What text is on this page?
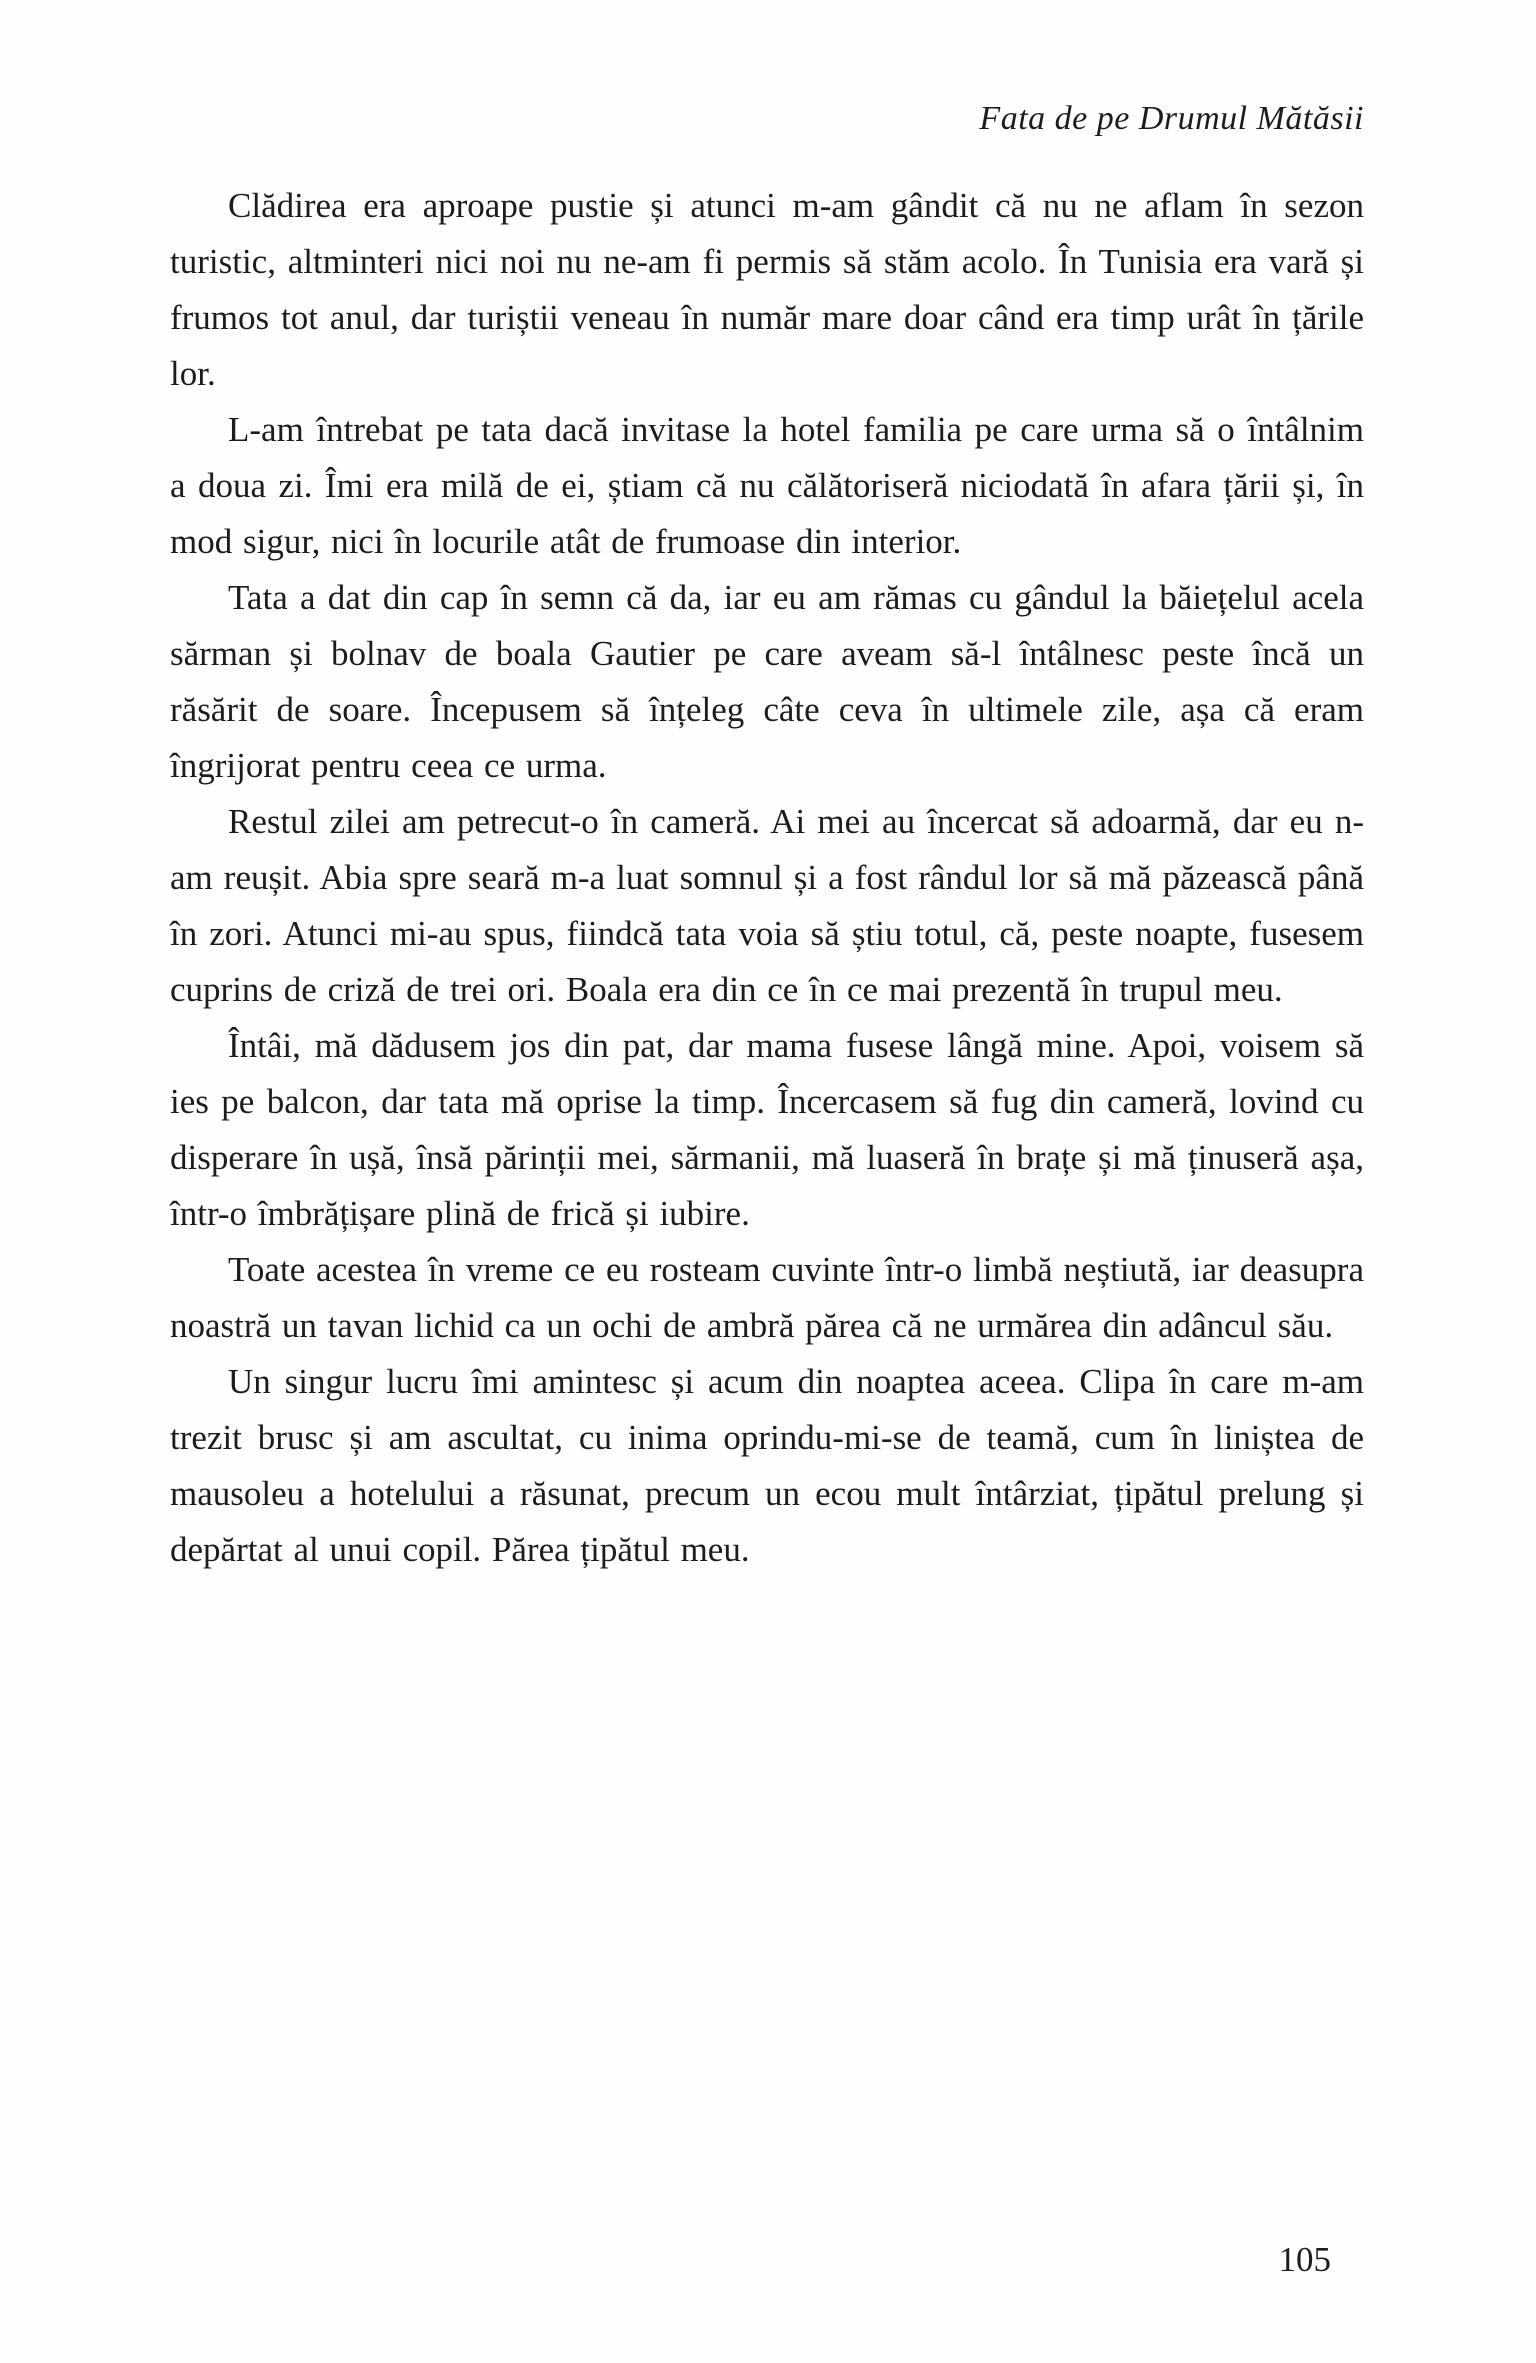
Fata de pe Drumul Mătăsii

Clădirea era aproape pustie și atunci m-am gândit că nu ne aflam în sezon turistic, altminteri nici noi nu ne-am fi permis să stăm acolo. În Tunisia era vară și frumos tot anul, dar turiștii veneau în număr mare doar când era timp urât în țările lor.

L-am întrebat pe tata dacă invitase la hotel familia pe care urma să o întâlnim a doua zi. Îmi era milă de ei, știam că nu călătoriseră niciodată în afara țării și, în mod sigur, nici în locurile atât de frumoase din interior.

Tata a dat din cap în semn că da, iar eu am rămas cu gândul la băiețelul acela sărman și bolnav de boala Gautier pe care aveam să-l întâlnesc peste încă un răsărit de soare. Începusem să înțeleg câte ceva în ultimele zile, așa că eram îngrijorat pentru ceea ce urma.

Restul zilei am petrecut-o în cameră. Ai mei au încercat să adoarmă, dar eu n-am reușit. Abia spre seară m-a luat somnul și a fost rândul lor să mă păzească până în zori. Atunci mi-au spus, fiindcă tata voia să știu totul, că, peste noapte, fusesem cuprins de criză de trei ori. Boala era din ce în ce mai prezentă în trupul meu.

Întâi, mă dădusem jos din pat, dar mama fusese lângă mine. Apoi, voisem să ies pe balcon, dar tata mă oprise la timp. Încercasem să fug din cameră, lovind cu disperare în ușă, însă părinții mei, sărmanii, mă luaseră în brațe și mă ținuseră așa, într-o îmbrățișare plină de frică și iubire.

Toate acestea în vreme ce eu rosteam cuvinte într-o limbă neștiută, iar deasupra noastră un tavan lichid ca un ochi de ambră părea că ne urmărea din adâncul său.

Un singur lucru îmi amintesc și acum din noaptea aceea. Clipa în care m-am trezit brusc și am ascultat, cu inima oprindu-mi-se de teamă, cum în liniștea de mausoleu a hotelului a răsunat, precum un ecou mult întârziat, țipătul prelung și depărtat al unui copil. Părea țipătul meu.

105
